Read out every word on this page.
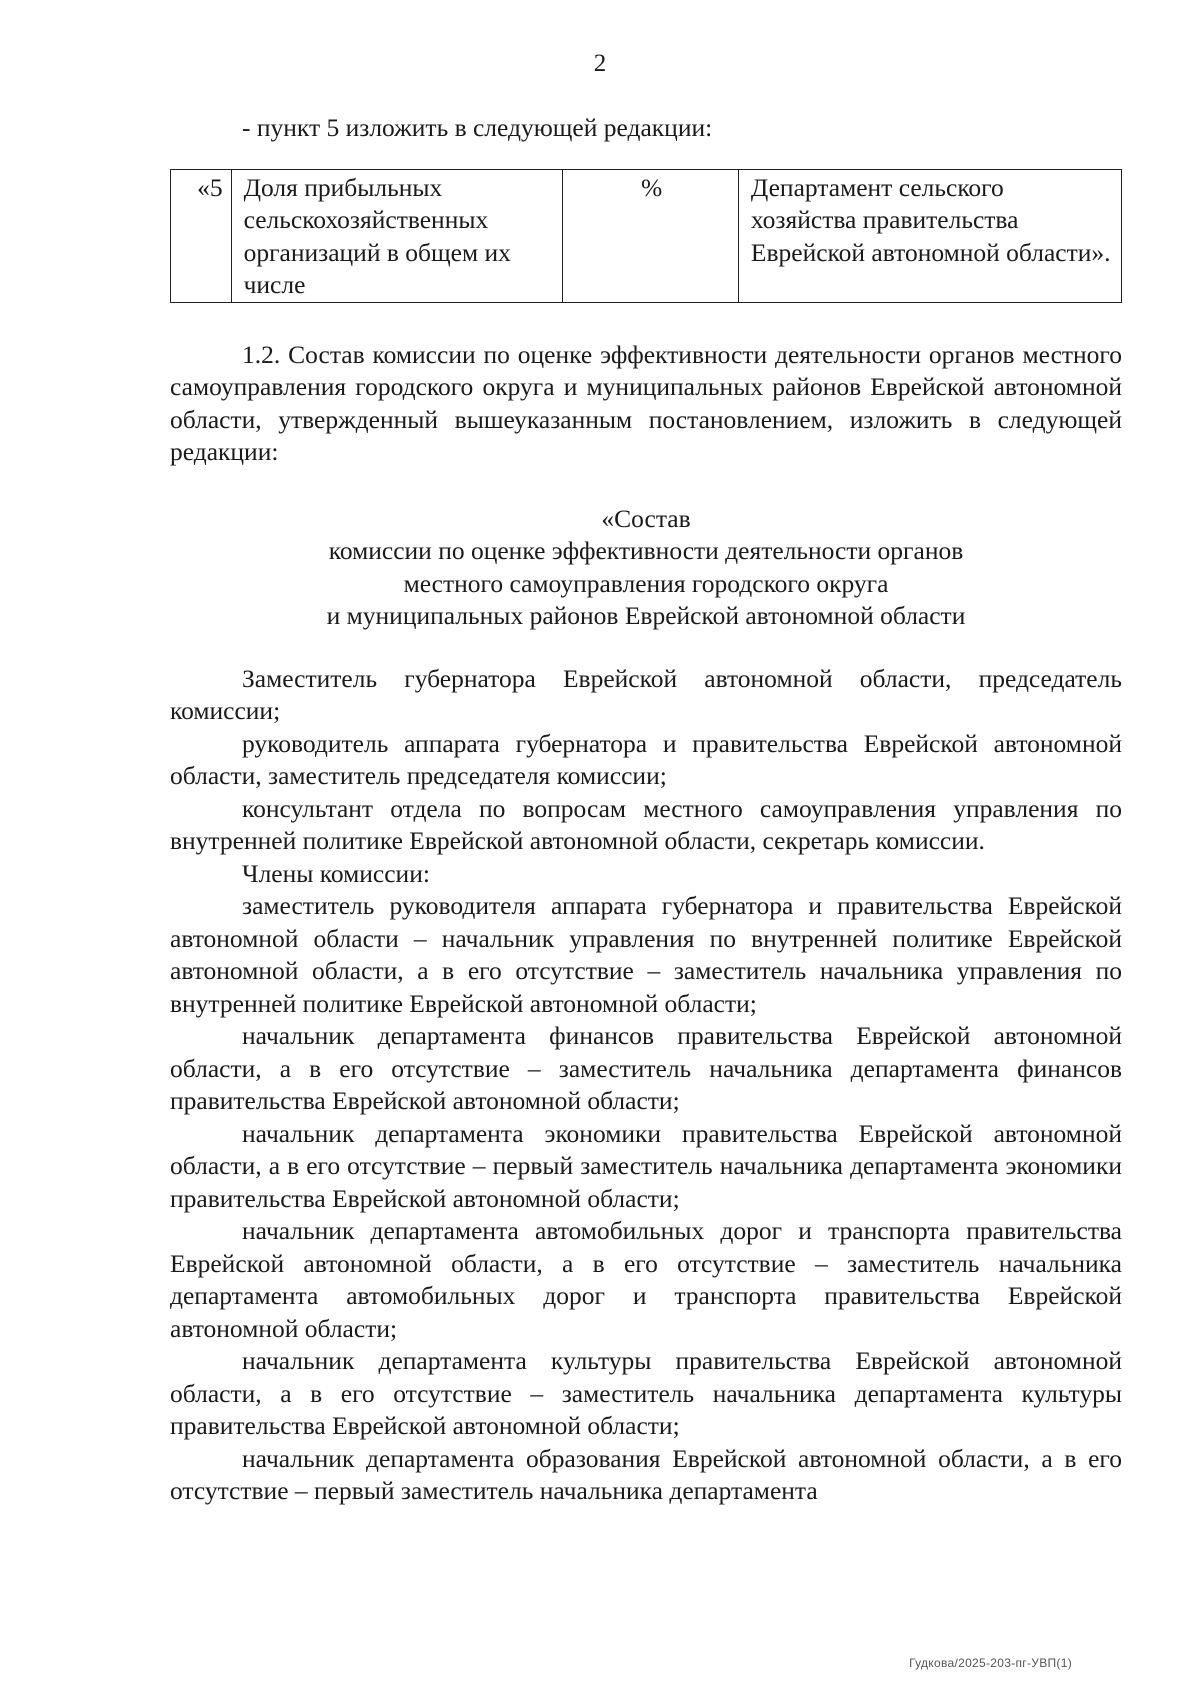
2

- пункт 5 изложить в следующей редакции:

«5	Доля прибыльных сельскохозяйственных организаций в общем их числе	%	Департамент сельского хозяйства правительства Еврейской автономной области».

1.2. Состав комиссии по оценке эффективности деятельности органов местного самоуправления городского округа и муниципальных районов Еврейской автономной области, утвержденный вышеуказанным постановлением, изложить в следующей редакции:

«Состав
комиссии по оценке эффективности деятельности органов
местного самоуправления городского округа
и муниципальных районов Еврейской автономной области

Заместитель губернатора Еврейской автономной области, председатель комиссии;

руководитель аппарата губернатора и правительства Еврейской автономной области, заместитель председателя комиссии;

консультант отдела по вопросам местного самоуправления управления по внутренней политике Еврейской автономной области, секретарь комиссии.

Члены комиссии:

заместитель руководителя аппарата губернатора и правительства Еврейской автономной области – начальник управления по внутренней политике Еврейской автономной области, а в его отсутствие – заместитель начальника управления по внутренней политике Еврейской автономной области;

начальник департамента финансов правительства Еврейской автономной области, а в его отсутствие – заместитель начальника департамента финансов правительства Еврейской автономной области;

начальник департамента экономики правительства Еврейской автономной области, а в его отсутствие – первый заместитель начальника департамента экономики правительства Еврейской автономной области;

начальник департамента автомобильных дорог и транспорта правительства Еврейской автономной области, а в его отсутствие – заместитель начальника департамента автомобильных дорог и транспорта правительства Еврейской автономной области;

начальник департамента культуры правительства Еврейской автономной области, а в его отсутствие – заместитель начальника департамента культуры правительства Еврейской автономной области;

начальник департамента образования Еврейской автономной области, а в его отсутствие – первый заместитель начальника департамента

Гудкова/2025-203-пг-УВП(1)
